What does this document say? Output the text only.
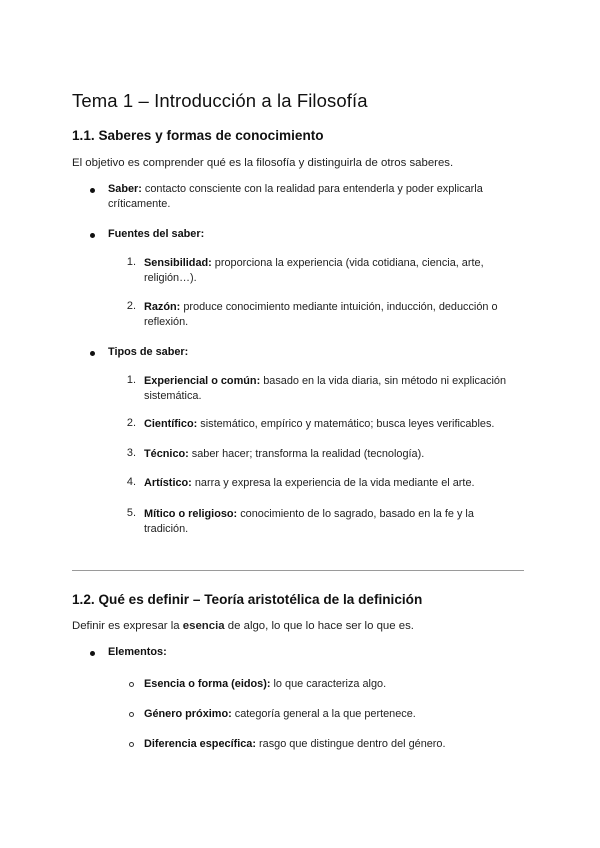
Tema 1 – Introducción a la Filosofía
1.1. Saberes y formas de conocimiento
El objetivo es comprender qué es la filosofía y distinguirla de otros saberes.
Saber: contacto consciente con la realidad para entenderla y poder explicarla críticamente.
Fuentes del saber:
1. Sensibilidad: proporciona la experiencia (vida cotidiana, ciencia, arte, religión…).
2. Razón: produce conocimiento mediante intuición, inducción, deducción o reflexión.
Tipos de saber:
1. Experiencial o común: basado en la vida diaria, sin método ni explicación sistemática.
2. Científico: sistemático, empírico y matemático; busca leyes verificables.
3. Técnico: saber hacer; transforma la realidad (tecnología).
4. Artístico: narra y expresa la experiencia de la vida mediante el arte.
5. Mítico o religioso: conocimiento de lo sagrado, basado en la fe y la tradición.
1.2. Qué es definir – Teoría aristotélica de la definición
Definir es expresar la esencia de algo, lo que lo hace ser lo que es.
Elementos:
Esencia o forma (eidos): lo que caracteriza algo.
Género próximo: categoría general a la que pertenece.
Diferencia específica: rasgo que distingue dentro del género.
